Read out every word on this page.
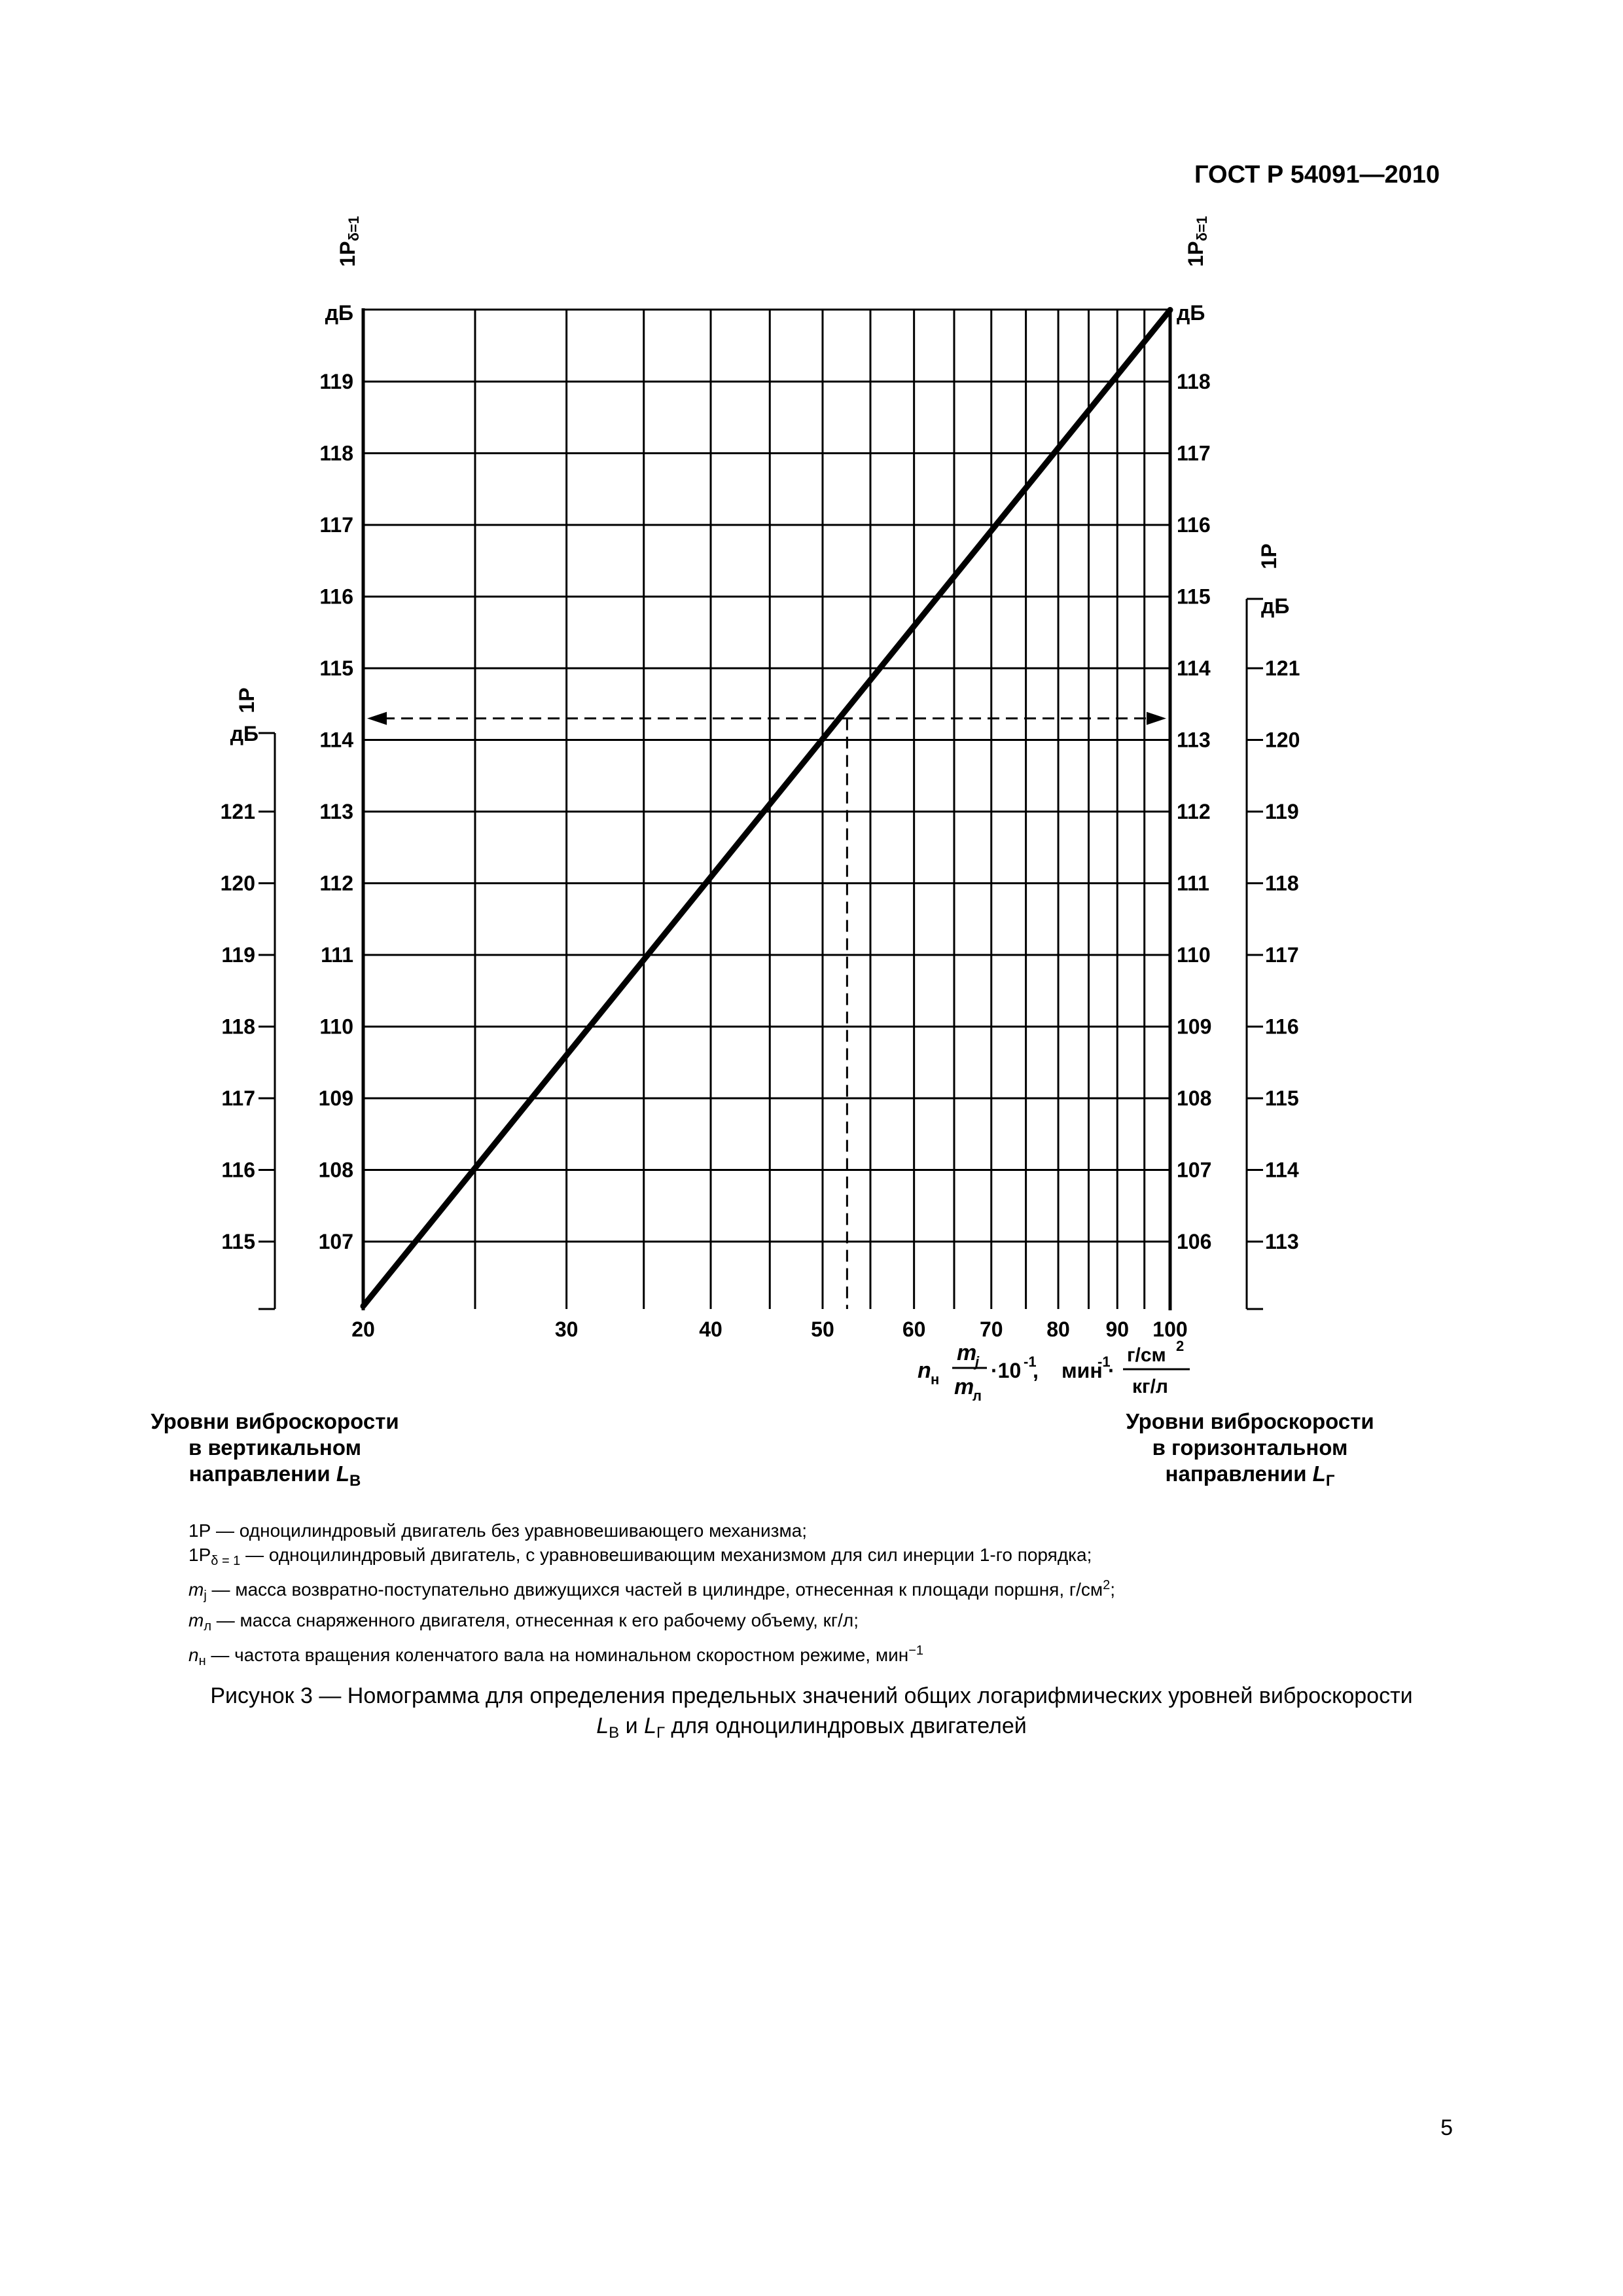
ГОСТ Р 54091—2010
20	30	40	50	60	70 80 90 100
107
108
109
110
111
112
113
114
115
116
117
118
119
дБ
1Рδ=1
106
107
108
109
110
111
112
113
114
115
116
117
118
дБ
1Рδ=1
дБ
1Р
115
116
117
118
119
120
121
дБ
1Р
113
114
115
116
117
118
119
120
121
n н
m
j
m
л
·10 -1
, мин
-1
·
г/см 2
кг/л
Уровни виброскорости
в вертикальном
направлении $L_В$
Уровни виброскорости
в горизонтальном
направлении $L_Г$
1Р — одноцилиндровый двигатель без уравновешивающего механизма;
$1Р_{\delta = 1}$ — одноцилиндровый двигатель, с уравновешивающим механизмом для сил инерции 1-го порядка;
$m_j$ — масса возвратно-поступательно движущихся частей в цилиндре, отнесенная к площади поршня, $г/см^2$;
$m_л$ — масса снаряженного двигателя, отнесенная к его рабочему объему, кг/л;
$n_н$ — частота вращения коленчатого вала на номинальном скоростном режиме, мин$^{-1}$
Рисунок 3 — Номограмма для определения предельных значений общих логарифмических уровней виброскорости
$L_В$ и $L_Г$ для одноцилиндровых двигателей
5
